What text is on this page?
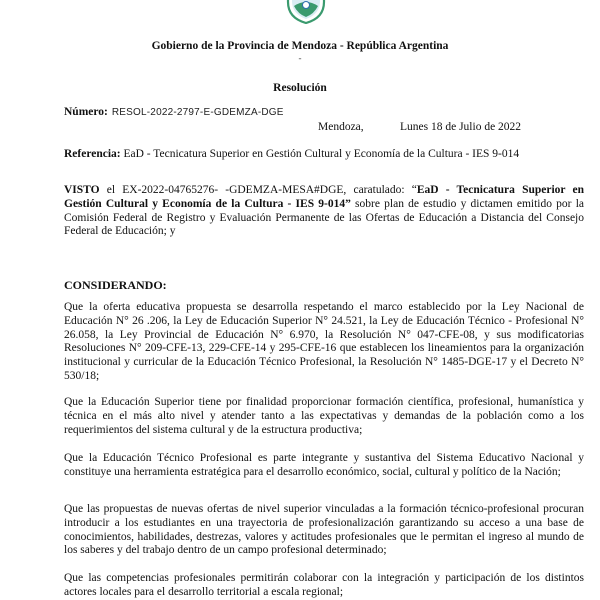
Gobierno de la Provincia de Mendoza - República Argentina
-
Resolución
Número: RESOL-2022-2797-E-GDEMZA-DGE
Mendoza,	Lunes 18 de Julio de 2022
Referencia: EaD - Tecnicatura Superior en Gestión Cultural y Economía de la Cultura - IES 9-014
VISTO el EX-2022-04765276- -GDEMZA-MESA#DGE, caratulado: “EaD - Tecnicatura Superior en Gestión Cultural y Economía de la Cultura - IES 9-014” sobre plan de estudio y dictamen emitido por la Comisión Federal de Registro y Evaluación Permanente de las Ofertas de Educación a Distancia del Consejo Federal de Educación; y
CONSIDERANDO:
Que la oferta educativa propuesta se desarrolla respetando el marco establecido por la Ley Nacional de Educación N° 26 .206, la Ley de Educación Superior N° 24.521, la Ley de Educación Técnico - Profesional N° 26.058, la Ley Provincial de Educación N° 6.970, la Resolución N° 047-CFE-08, y sus modificatorias Resoluciones N° 209-CFE-13, 229-CFE-14 y 295-CFE-16 que establecen los lineamientos para la organización institucional y curricular de la Educación Técnico Profesional, la Resolución N° 1485-DGE-17 y el Decreto N° 530/18;
Que la Educación Superior tiene por finalidad proporcionar formación científica, profesional, humanística y técnica en el más alto nivel y atender tanto a las expectativas y demandas de la población como a los requerimientos del sistema cultural y de la estructura productiva;
Que la Educación Técnico Profesional es parte integrante y sustantiva del Sistema Educativo Nacional y constituye una herramienta estratégica para el desarrollo económico, social, cultural y político de la Nación;
Que las propuestas de nuevas ofertas de nivel superior vinculadas a la formación técnico-profesional procuran introducir a los estudiantes en una trayectoria de profesionalización garantizando su acceso a una base de conocimientos, habilidades, destrezas, valores y actitudes profesionales que le permitan el ingreso al mundo de los saberes y del trabajo dentro de un campo profesional determinado;
Que las competencias profesionales permitirán colaborar con la integración y participación de los distintos actores locales para el desarrollo territorial a escala regional;
